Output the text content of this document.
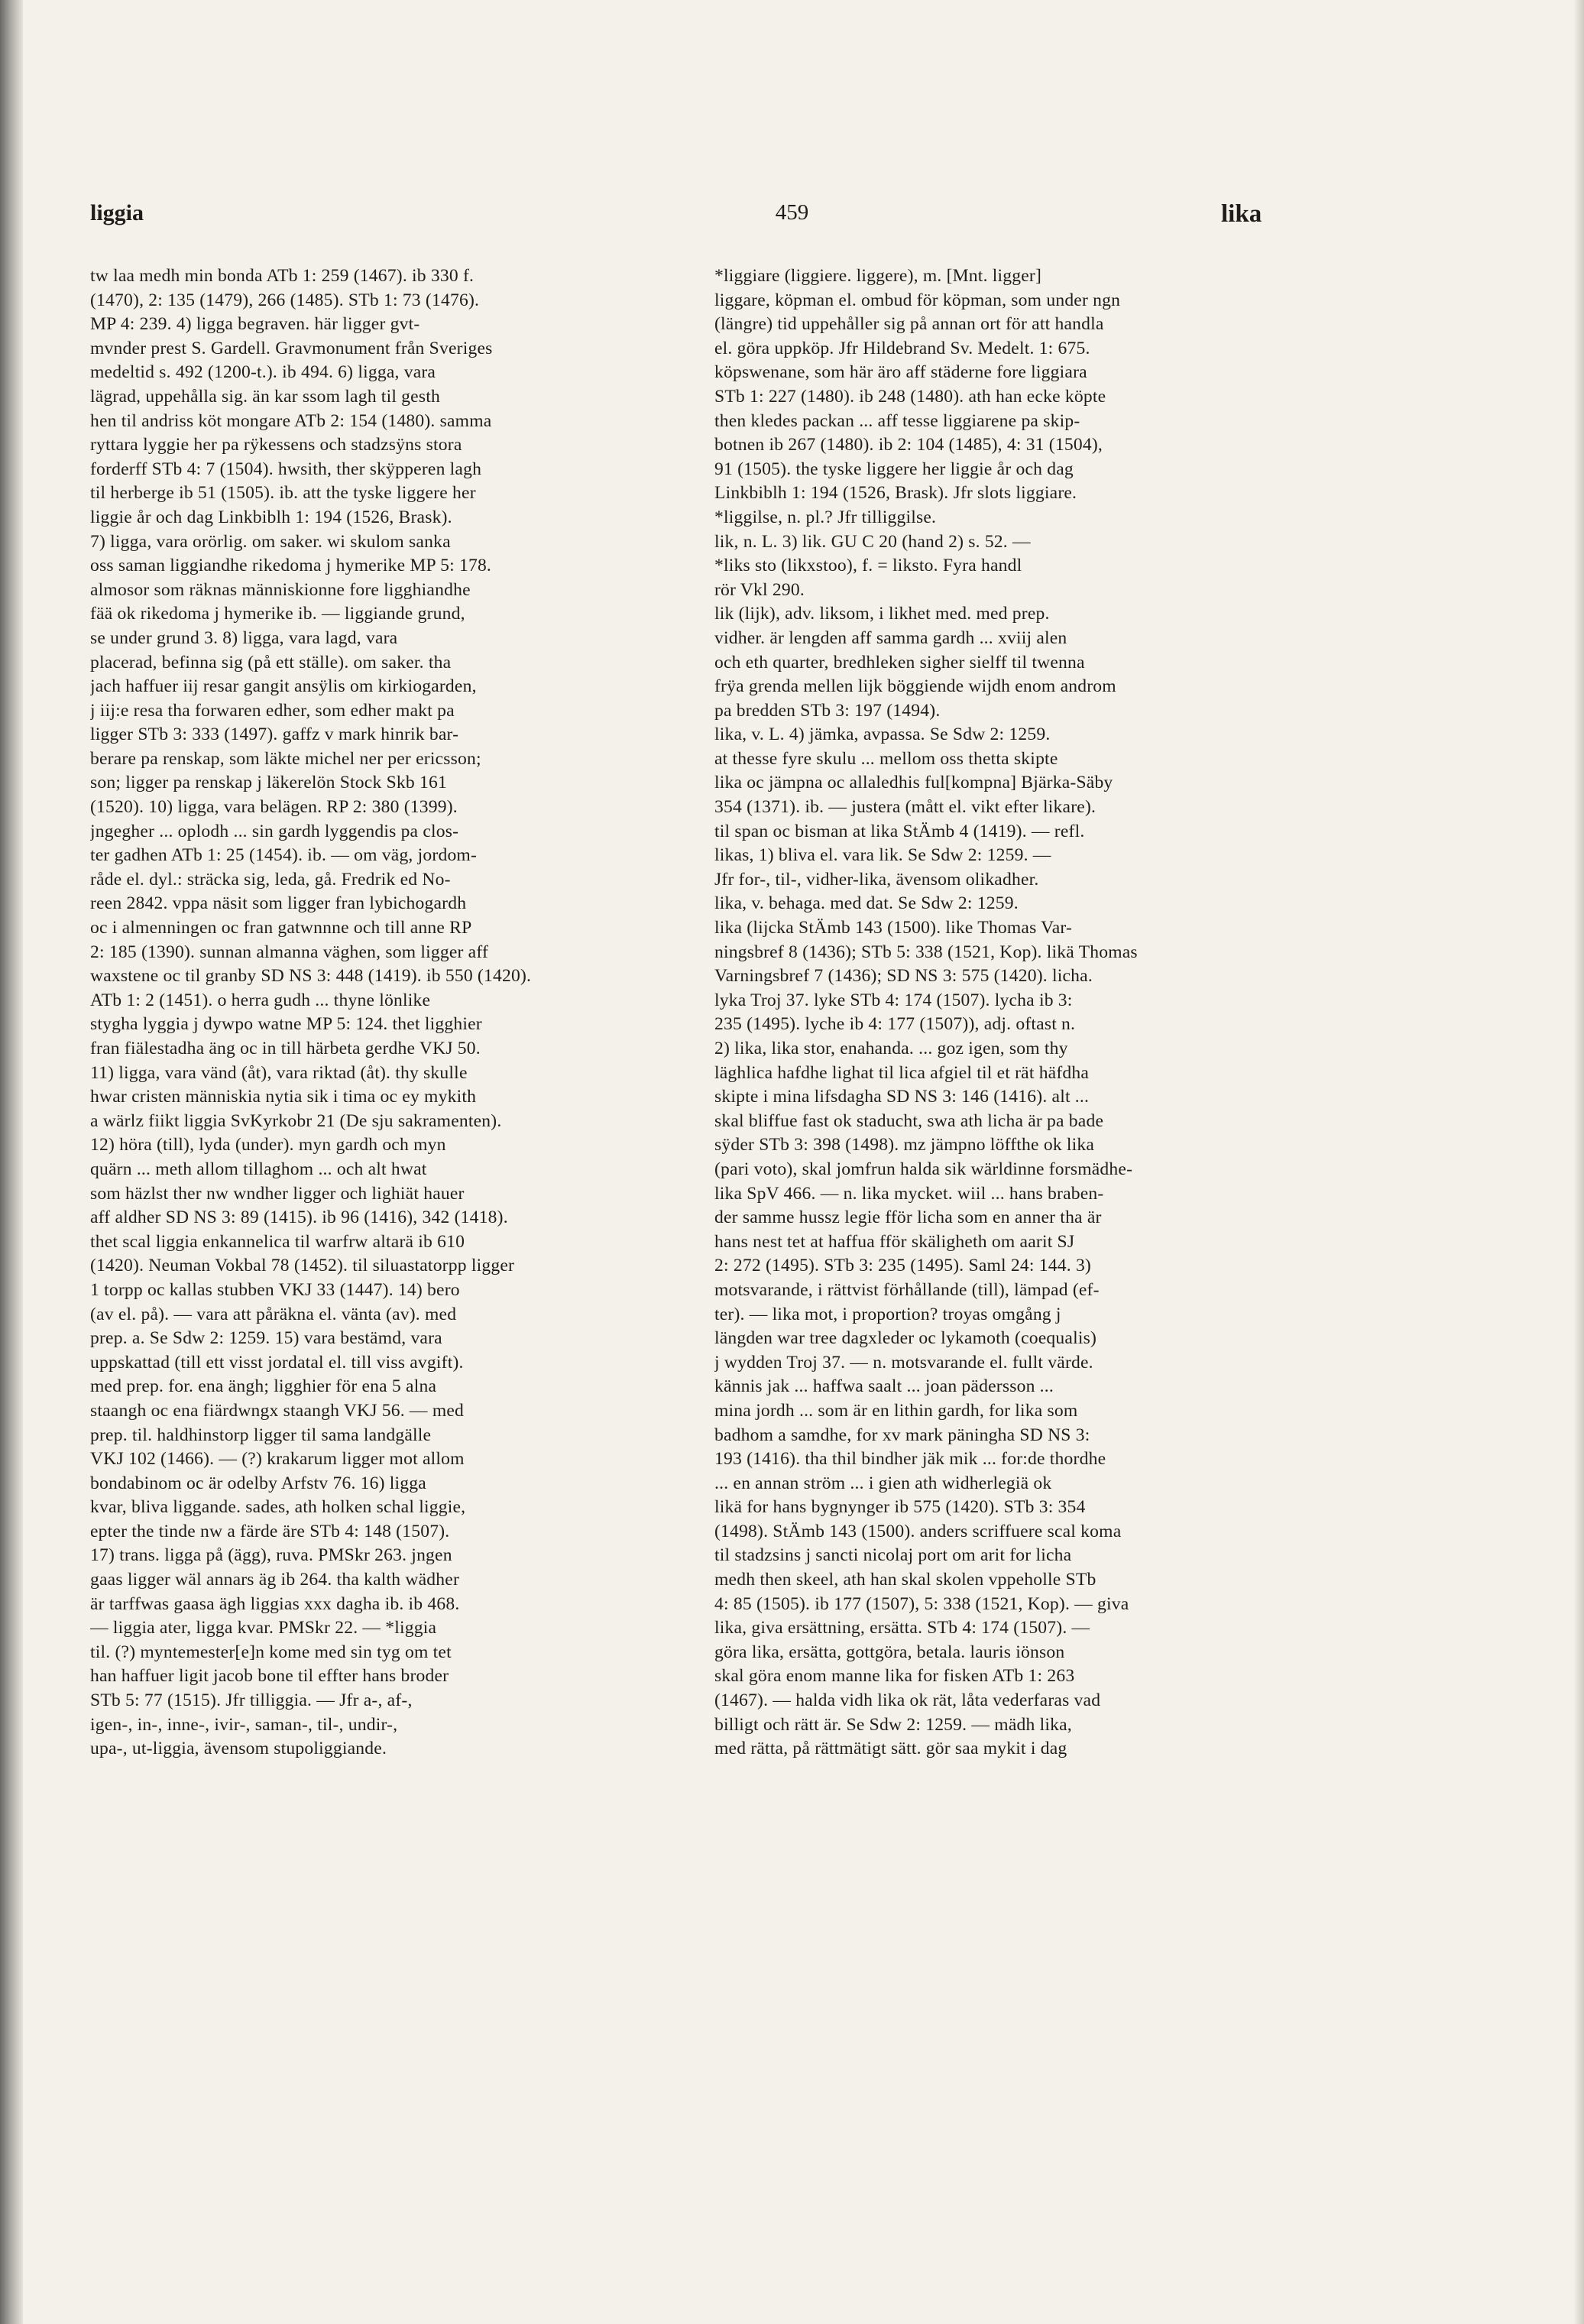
liggia	459	lika
tw laa medh min bonda ATb 1: 259 (1467). ib 330 f.
(1470), 2: 135 (1479), 266 (1485). STb 1: 73 (1476).
MP 4: 239. 4) ligga begraven. här ligger gvt-
mvnder prest S. Gardell. Gravmonument från Sveriges
medeltid s. 492 (1200-t.). ib 494. 6) ligga, vara
lägrad, uppehålla sig. än kar ssom lagh til gesth
hen til andriss köt mongare ATb 2: 154 (1480). samma
ryttara lyggie her pa rÿkessens och stadzsÿns stora
forderff STb 4: 7 (1504). hwsith, ther skÿpperen lagh
til herberge ib 51 (1505). ib. att the tyske liggere her
liggie år och dag Linkbiblh 1: 194 (1526, Brask).
7) ligga, vara orörlig. om saker. wi skulom sanka
oss saman liggiandhe rikedoma j hymerike MP 5: 178.
almosor som räknas människionne fore ligghiandhe
fää ok rikedoma j hymerike ib. — liggiande grund,
se under grund 3. 8) ligga, vara lagd, vara
placerad, befinna sig (på ett ställe). om saker. tha
jach haffuer iij resar gangit ansÿlis om kirkiogarden,
j iij:e resa tha forwaren edher, som edher makt pa
ligger STb 3: 333 (1497). gaffz v mark hinrik bar-
berare pa renskap, som läkte michel ner per ericsson;
son; ligger pa renskap j läkerelön Stock Skb 161
(1520). 10) ligga, vara belägen. RP 2: 380 (1399).
jngegher ... oplodh ... sin gardh lyggendis pa clos-
ter gadhen ATb 1: 25 (1454). ib. — om väg, jordom-
råde el. dyl.: sträcka sig, leda, gå. Fredrik ed No-
reen 2842. vppa näsit som ligger fran lybichogardh
oc i almenningen oc fran gatwnnne och till anne RP
2: 185 (1390). sunnan almanna väghen, som ligger aff
waxstene oc til granby SD NS 3: 448 (1419). ib 550 (1420).
ATb 1: 2 (1451). o herra gudh ... thyne lönlike
stygha lyggia j dywpo watne MP 5: 124. thet ligghier
fran fiälestadha äng oc in till härbeta gerdhe VKJ 50.
11) ligga, vara vänd (åt), vara riktad (åt). thy skulle
hwar cristen människia nytia sik i tima oc ey mykith
a wärlz fiikt liggia SvKyrkobr 21 (De sju sakramenten).
12) höra (till), lyda (under). myn gardh och myn
quärn ... meth allom tillaghom ... och alt hwat
som häzlst ther nw wndher ligger och lighiät hauer
aff aldher SD NS 3: 89 (1415). ib 96 (1416), 342 (1418).
thet scal liggia enkannelica til warfrw altarä ib 610
(1420). Neuman Vokbal 78 (1452). til siluastatorpp ligger
1 torpp oc kallas stubben VKJ 33 (1447). 14) bero
(av el. på). — vara att påräkna el. vänta (av). med
prep. a. Se Sdw 2: 1259. 15) vara bestämd, vara
uppskattad (till ett visst jordatal el. till viss avgift).
med prep. for. ena ängh; ligghier för ena 5 alna
staangh oc ena fiärdwngx staangh VKJ 56. — med
prep. til. haldhinstorp ligger til sama landgälle
VKJ 102 (1466). — (?) krakarum ligger mot allom
bondabinom oc är odelby Arfstv 76. 16) ligga
kvar, bliva liggande. sades, ath holken schal liggie,
epter the tinde nw a färde äre STb 4: 148 (1507).
17) trans. ligga på (ägg), ruva. PMSkr 263. jngen
gaas ligger wäl annars äg ib 264. tha kalth wädher
är tarffwas gaasa ägh liggias xxx dagha ib. ib 468.
— liggia ater, ligga kvar. PMSkr 22. — *liggia
til. (?) myntemester[e]n kome med sin tyg om tet
han haffuer ligit jacob bone til effter hans broder
STb 5: 77 (1515). Jfr tilliggia. — Jfr a-, af-,
igen-, in-, inne-, ivir-, saman-, til-, undir-,
upa-, ut-liggia, ävensom stupoliggiande.
*liggiare (liggiere. liggere), m. [Mnt. ligger]
liggare, köpman el. ombud för köpman, som under ngn
(längre) tid uppehåller sig på annan ort för att handla
el. göra uppköp. Jfr Hildebrand Sv. Medelt. 1: 675.
köpswenane, som här äro aff städerne fore liggiara
STb 1: 227 (1480). ib 248 (1480). ath han ecke köpte
then kledes packan ... aff tesse liggiarene pa skip-
botnen ib 267 (1480). ib 2: 104 (1485), 4: 31 (1504),
91 (1505). the tyske liggere her liggie år och dag
Linkbiblh 1: 194 (1526, Brask). Jfr slots liggiare.
*liggilse, n. pl.? Jfr tilliggilse.
lik, n. L. 3) lik. GU C 20 (hand 2) s. 52. —
*liks sto (likxstoo), f. = liksto. Fyra handl
rör Vkl 290.
lik (lijk), adv. liksom, i likhet med. med prep.
vidher. är lengden aff samma gardh ... xviij alen
och eth quarter, bredhleken sigher sielff til twenna
frÿa grenda mellen lijk böggiende wijdh enom androm
pa bredden STb 3: 197 (1494).
lika, v. L. 4) jämka, avpassa. Se Sdw 2: 1259.
at thesse fyre skulu ... mellom oss thetta skipte
lika oc jämpna oc allaledhis ful[kompna] Bjärka-Säby
354 (1371). ib. — justera (mått el. vikt efter likare).
til span oc bisman at lika StÄmb 4 (1419). — refl.
likas, 1) bliva el. vara lik. Se Sdw 2: 1259. —
Jfr for-, til-, vidher-lika, ävensom olikadher.
lika, v. behaga. med dat. Se Sdw 2: 1259.
lika (lijcka StÄmb 143 (1500). like Thomas Var-
ningsbref 8 (1436); STb 5: 338 (1521, Kop). likä Thomas
Varningsbref 7 (1436); SD NS 3: 575 (1420). licha.
lyka Troj 37. lyke STb 4: 174 (1507). lycha ib 3:
235 (1495). lyche ib 4: 177 (1507)), adj. oftast n.
2) lika, lika stor, enahanda. ... goz igen, som thy
läghlica hafdhe lighat til lica afgiel til et rät häfdha
skipte i mina lifsdagha SD NS 3: 146 (1416). alt ...
skal bliffue fast ok staducht, swa ath licha är pa bade
sÿder STb 3: 398 (1498). mz jämpno löffthe ok lika
(pari voto), skal jomfrun halda sik wärldinne forsmädhe-
lika SpV 466. — n. lika mycket. wiil ... hans braben-
der samme hussz legie fför licha som en anner tha är
hans nest tet at haffua fför skäligheth om aarit SJ
2: 272 (1495). STb 3: 235 (1495). Saml 24: 144. 3)
motsvarande, i rättvist förhållande (till), lämpad (ef-
ter). — lika mot, i proportion? troyas omgång j
längden war tree dagxleder oc lykamoth (coequalis)
j wydden Troj 37. — n. motsvarande el. fullt värde.
kännis jak ... haffwa saalt ... joan pädersson ...
mina jordh ... som är en lithin gardh, for lika som
badhom a samdhe, for xv mark päningha SD NS 3:
193 (1416). tha thil bindher jäk mik ... for:de thordhe
... en annan ström ... i gien ath widherlegiä ok
likä for hans bygnynger ib 575 (1420). STb 3: 354
(1498). StÄmb 143 (1500). anders scriffuere scal koma
til stadzsins j sancti nicolaj port om arit for licha
medh then skeel, ath han skal skolen vppeholle STb
4: 85 (1505). ib 177 (1507), 5: 338 (1521, Kop). — giva
lika, giva ersättning, ersätta. STb 4: 174 (1507). —
göra lika, ersätta, gottgöra, betala. lauris iönson
skal göra enom manne lika for fisken ATb 1: 263
(1467). — halda vidh lika ok rät, låta vederfaras vad
billigt och rätt är. Se Sdw 2: 1259. — mädh lika,
med rätta, på rättmätigt sätt. gör saa mykit i dag
